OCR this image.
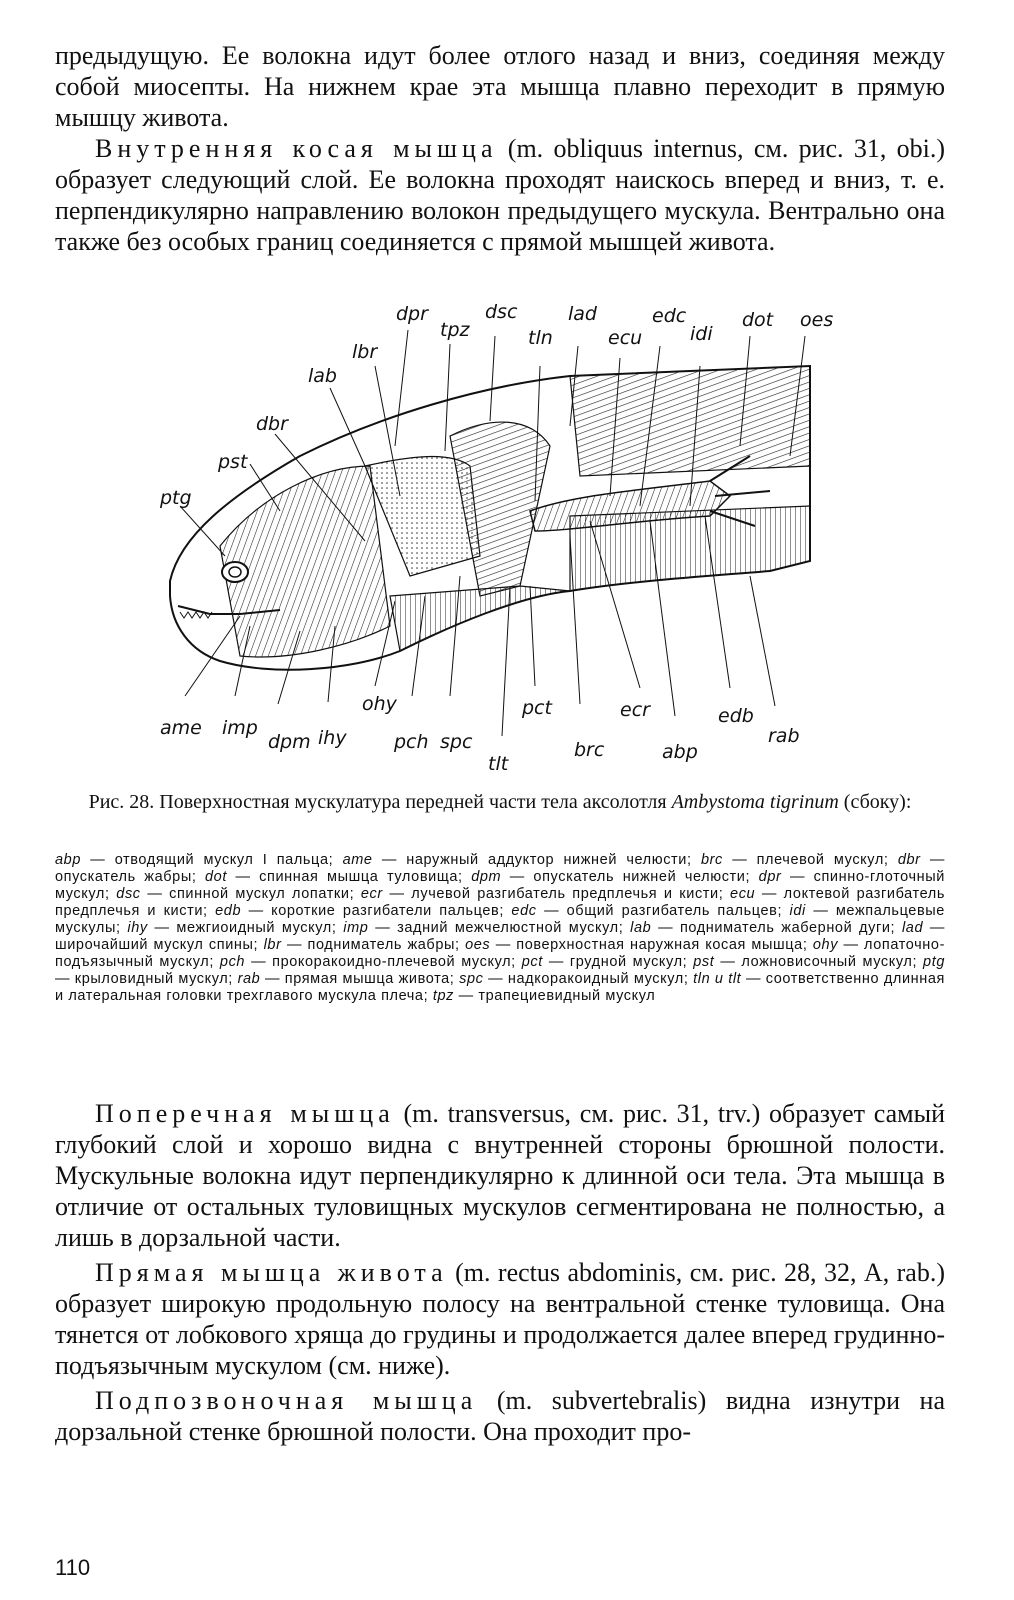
предыдущую. Ее волокна идут более отлого назад и вниз, соединяя между собой миосепты. На нижнем крае эта мышца плавно переходит в прямую мышцу живота.

Внутренняя косая мышца (m. obliquus internus, см. рис. 31, obi.) образует следующий слой. Ее волокна проходят наискось вперед и вниз, т. е. перпендикулярно направлению волокон предыдущего мускула. Вентрально она также без особых границ соединяется с прямой мышцей живота.

dpr
tpz
dsc	lad	edc	dot oes
tln	ecu	idi
lbr
lab
dbr
pst
ptg
ame imp
dpm ihy
ohy
pch spc
tlt
pct
brc
ecr
abp
edb
rab
Рис. 28. Поверхностная мускулатура передней части тела аксолотля Ambystoma tigrinum (сбоку):
abp — отводящий мускул I пальца; ame — наружный аддуктор нижней челюсти; brc — плечевой мускул; dbr — опускатель жабры; dot — спинная мышца туловища; dpm — опускатель нижней челюсти; dpr — спинно-глоточный мускул; dsc — спинной мускул лопатки; ecr — лучевой разгибатель предплечья и кисти; ecu — локтевой разгибатель предплечья и кисти; edb — короткие разгибатели пальцев; edc — общий разгибатель пальцев; idi — межпальцевые мускулы; ihy — межгиоидный мускул; imp — задний межчелюстной мускул; lab — подниматель жаберной дуги; lad — широчайший мускул спины; lbr — подниматель жабры; oes — поверхностная наружная косая мышца; ohy — лопаточно-подъязычный мускул; pch — прокоракоидно-плечевой мускул; pct — грудной мускул; pst — ложновисочный мускул; ptg — крыловидный мускул; rab — прямая мышца живота; spc — надкоракоидный мускул; tln и tlt — соответственно длинная и латеральная головки трехглавого мускула плеча; tpz — трапециевидный мускул

Поперечная мышца (m. transversus, см. рис. 31, trv.) образует самый глубокий слой и хорошо видна с внутренней стороны брюшной полости. Мускульные волокна идут перпендикулярно к длинной оси тела. Эта мышца в отличие от остальных туловищных мускулов сегментирована не полностью, а лишь в дорзальной части.

Прямая мышца живота (m. rectus abdominis, см. рис. 28, 32, A, rab.) образует широкую продольную полосу на вентральной стенке туловища. Она тянется от лобкового хряща до грудины и продолжается далее вперед грудинно-подъязычным мускулом (см. ниже).

Подпозвоночная мышца (m. subvertebralis) видна изнутри на дорзальной стенке брюшной полости. Она проходит про-

110
